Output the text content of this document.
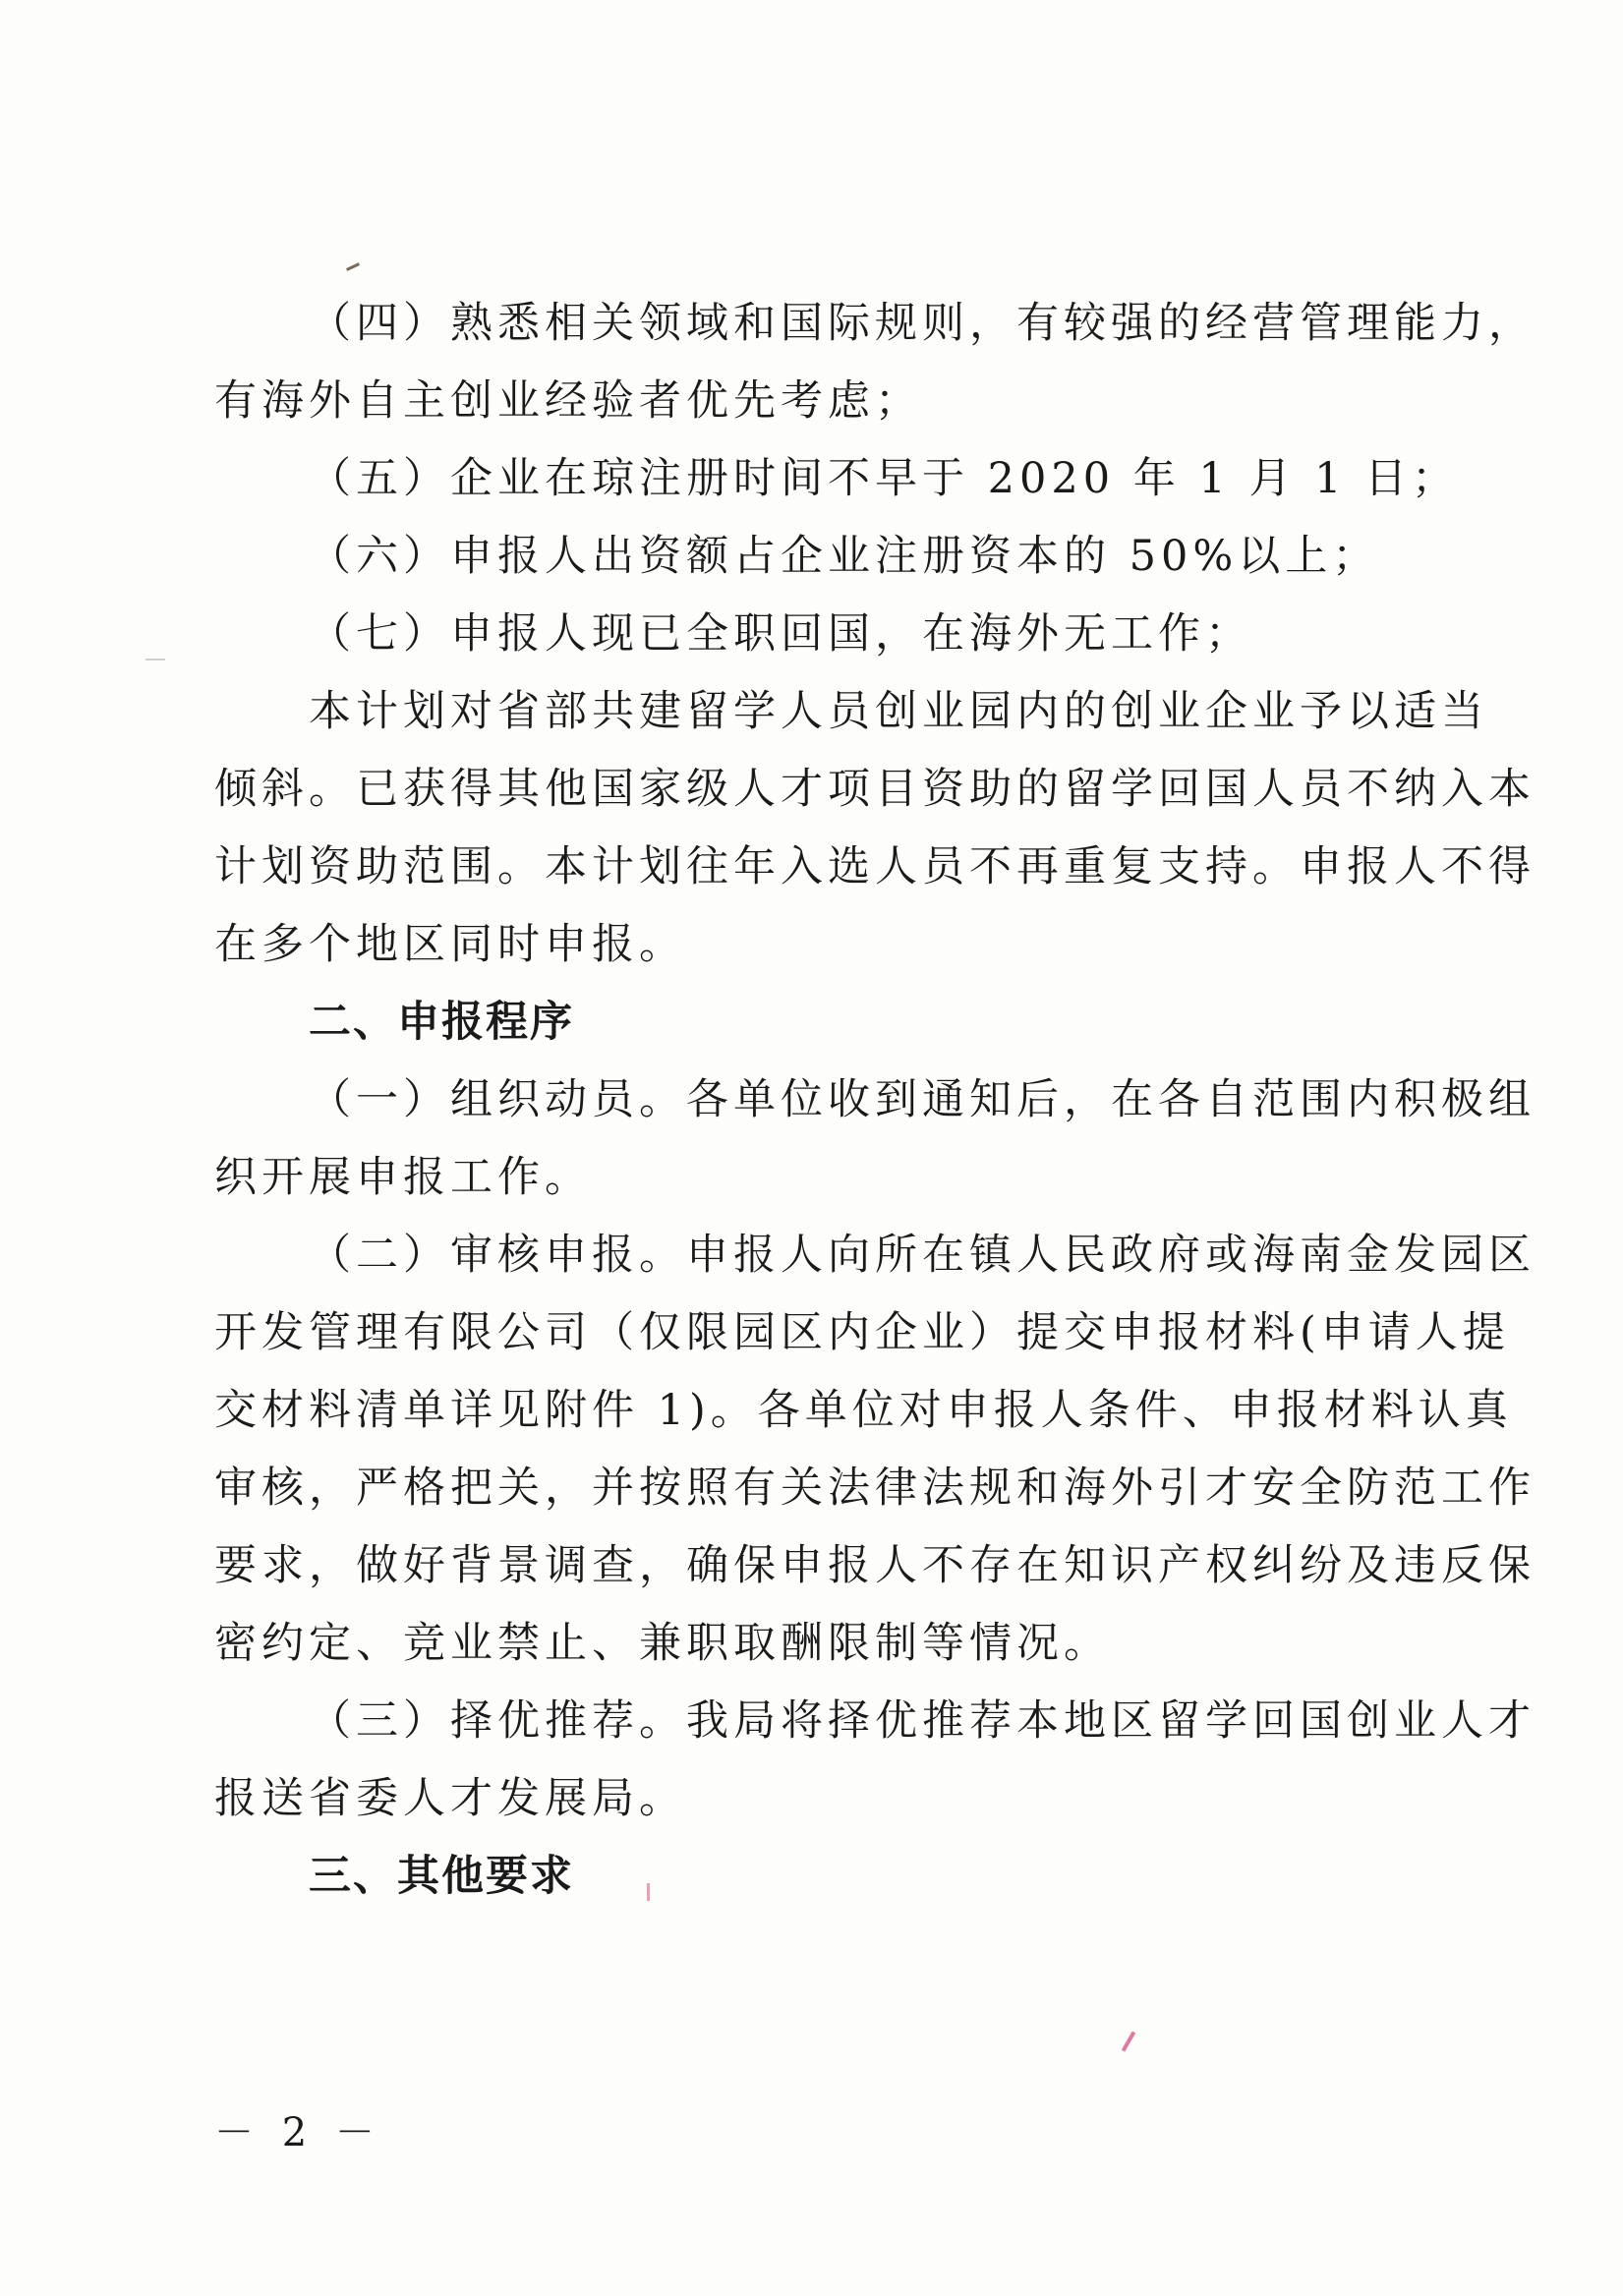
（四）熟悉相关领域和国际规则，有较强的经营管理能力，
有海外自主创业经验者优先考虑；
（五）企业在琼注册时间不早于 2020 年 1 月 1 日；
（六）申报人出资额占企业注册资本的 50%以上；
（七）申报人现已全职回国，在海外无工作；
本计划对省部共建留学人员创业园内的创业企业予以适当
倾斜。已获得其他国家级人才项目资助的留学回国人员不纳入本
计划资助范围。本计划往年入选人员不再重复支持。申报人不得
在多个地区同时申报。
二、申报程序
（一）组织动员。各单位收到通知后，在各自范围内积极组
织开展申报工作。
（二）审核申报。申报人向所在镇人民政府或海南金发园区
开发管理有限公司（仅限园区内企业）提交申报材料(申请人提
交材料清单详见附件 1)。各单位对申报人条件、申报材料认真
审核，严格把关，并按照有关法律法规和海外引才安全防范工作
要求，做好背景调查，确保申报人不存在知识产权纠纷及违反保
密约定、竞业禁止、兼职取酬限制等情况。
（三）择优推荐。我局将择优推荐本地区留学回国创业人才
报送省委人才发展局。
三、其他要求
－ 2 －
